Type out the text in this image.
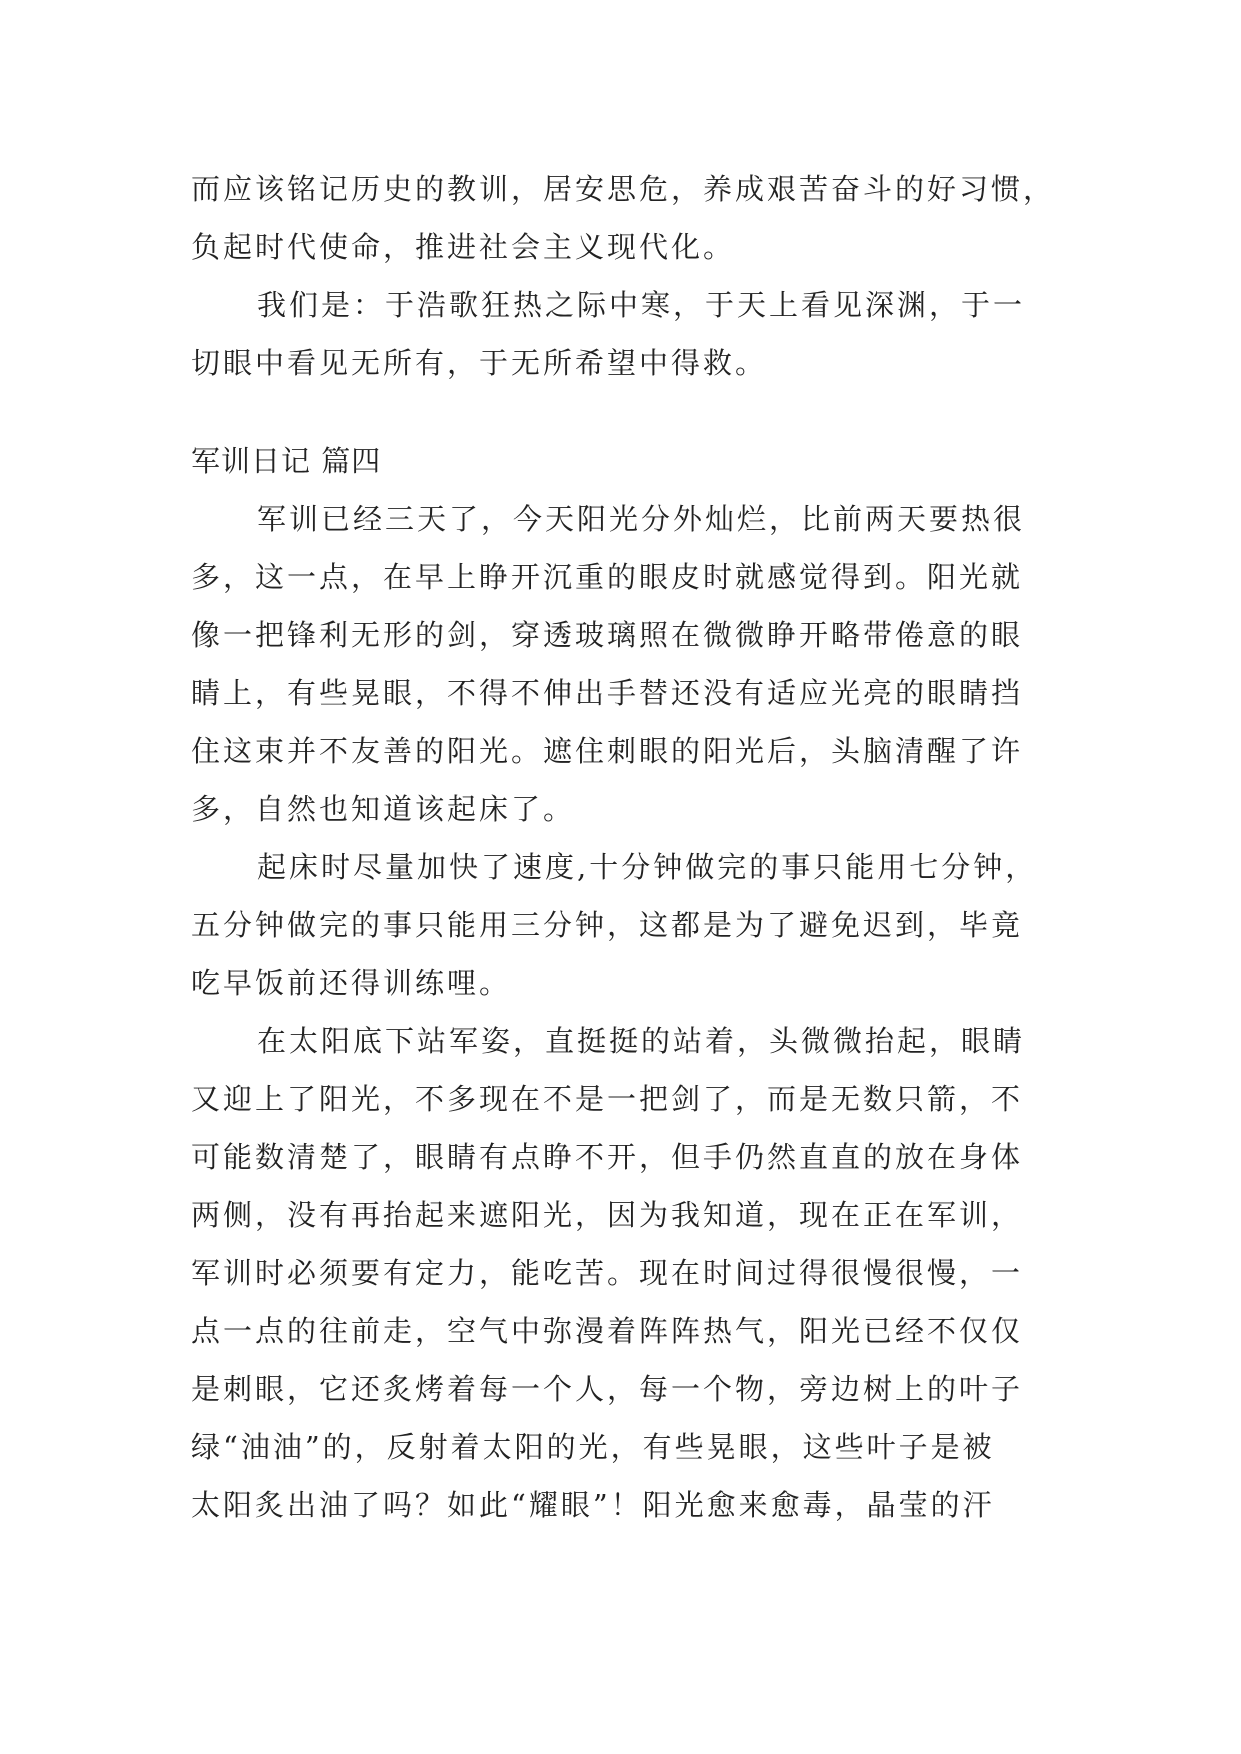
而应该铭记历史的教训，居安思危，养成艰苦奋斗的好习惯，
负起时代使命，推进社会主义现代化。
我们是：于浩歌狂热之际中寒，于天上看见深渊，于一
切眼中看见无所有，于无所希望中得救。
军训日记 篇四
军训已经三天了，今天阳光分外灿烂，比前两天要热很
多，这一点，在早上睁开沉重的眼皮时就感觉得到。阳光就
像一把锋利无形的剑，穿透玻璃照在微微睁开略带倦意的眼
睛上，有些晃眼，不得不伸出手替还没有适应光亮的眼睛挡
住这束并不友善的阳光。遮住刺眼的阳光后，头脑清醒了许
多，自然也知道该起床了。
起床时尽量加快了速度,十分钟做完的事只能用七分钟，
五分钟做完的事只能用三分钟，这都是为了避免迟到，毕竟
吃早饭前还得训练哩。
在太阳底下站军姿，直挺挺的站着，头微微抬起，眼睛
又迎上了阳光，不多现在不是一把剑了，而是无数只箭，不
可能数清楚了，眼睛有点睁不开，但手仍然直直的放在身体
两侧，没有再抬起来遮阳光，因为我知道，现在正在军训，
军训时必须要有定力，能吃苦。现在时间过得很慢很慢，一
点一点的往前走，空气中弥漫着阵阵热气，阳光已经不仅仅
是刺眼，它还炙烤着每一个人，每一个物，旁边树上的叶子
绿“油油”的，反射着太阳的光，有些晃眼，这些叶子是被
太阳炙出油了吗？如此“耀眼”！阳光愈来愈毒，晶莹的汗
